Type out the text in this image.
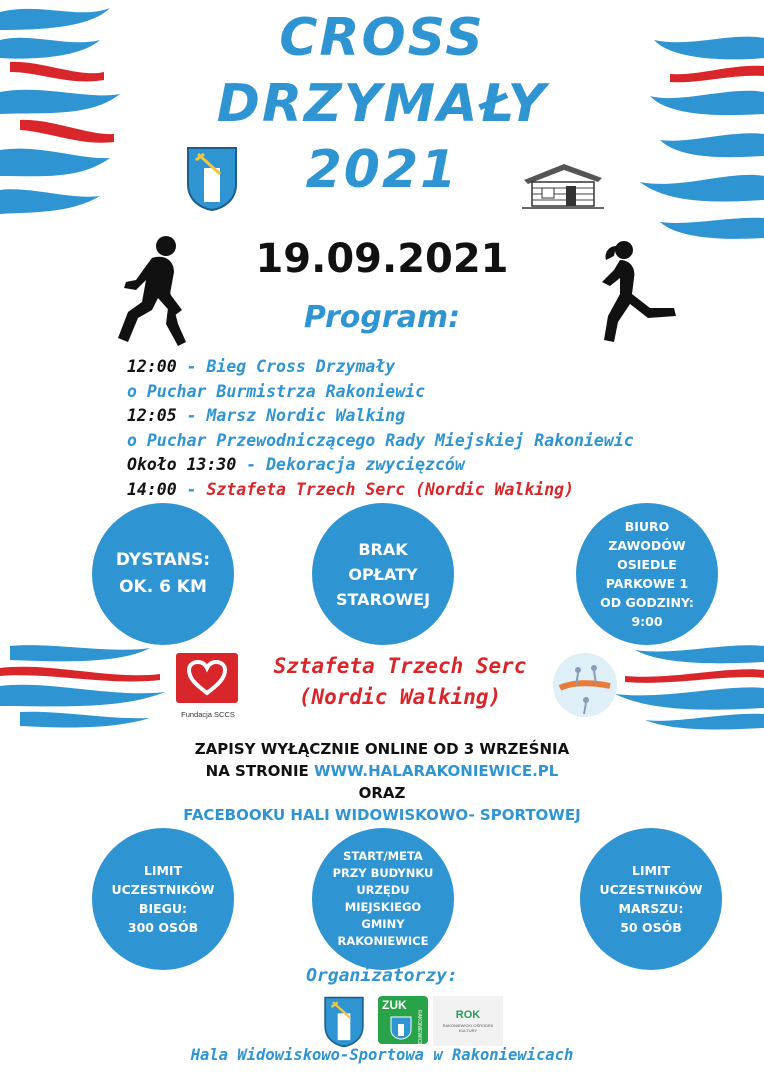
CROSS
DRZYMAŁY
2021
19.09.2021
Program:
12:00 - Bieg Cross Drzymały
o Puchar Burmistrza Rakoniewic
12:05 - Marsz Nordic Walking
o Puchar Przewodniczącego Rady Miejskiej Rakoniewic
Około 13:30 - Dekoracja zwycięzców
14:00 - Sztafeta Trzech Serc (Nordic Walking)
DYSTANS:
OK. 6 KM
BRAK
OPŁATY
STAROWEJ
BIURO
ZAWODÓW
OSIEDLE
PARKOWE 1
OD GODZINY:
9:00
Fundacja SCCS
Sztafeta Trzech Serc
(Nordic Walking)
ZAPISY WYŁĄCZNIE ONLINE OD 3 WRZEŚNIA
NA STRONIE WWW.HALARAKONIEWICE.PL
ORAZ
FACEBOOKU HALI WIDOWISKOWO- SPORTOWEJ
LIMIT
UCZESTNIKÓW
BIEGU:
300 OSÓB
START/META
PRZY BUDYNKU
URZĘDU
MIEJSKIEGO
GMINY
RAKONIEWICE
LIMIT
UCZESTNIKÓW
MARSZU:
50 OSÓB
Organizatorzy:
ZUK
RAKONIEWICE	ROK
RAKONIEWICKI OŚRODEK KULTURY
Hala Widowiskowo-Sportowa w Rakoniewicach
